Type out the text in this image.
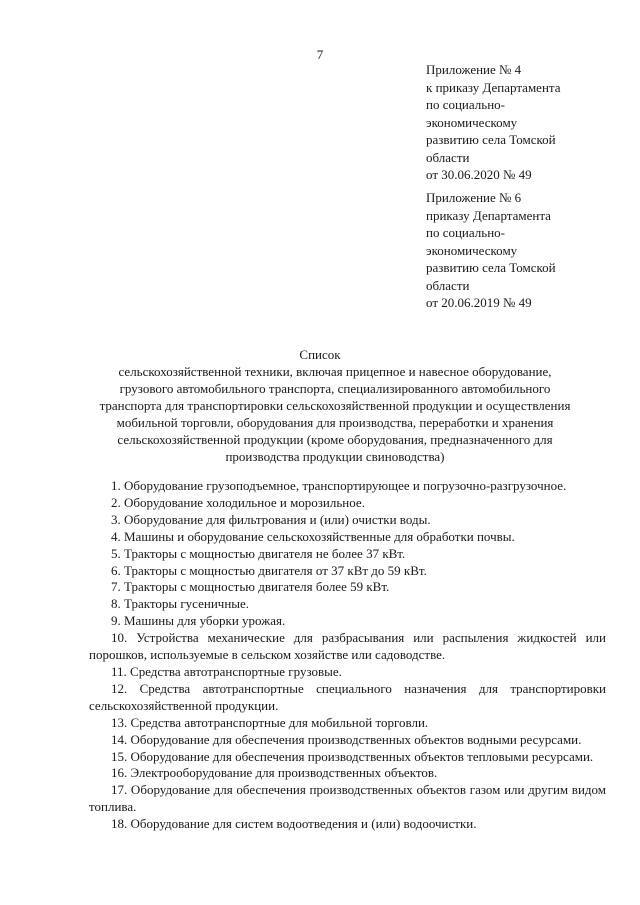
7
Приложение № 4
к приказу Департамента
по социально-
экономическому
развитию села Томской
области
от 30.06.2020 № 49
Приложение № 6
приказу Департамента
по социально-
экономическому
развитию села Томской
области
от 20.06.2019 № 49
Список
сельскохозяйственной техники, включая прицепное и навесное оборудование, грузового автомобильного транспорта, специализированного автомобильного транспорта для транспортировки сельскохозяйственной продукции и осуществления мобильной торговли, оборудования для производства, переработки и хранения сельскохозяйственной продукции (кроме оборудования, предназначенного для производства продукции свиноводства)

1. Оборудование грузоподъемное, транспортирующее и погрузочно-разгрузочное.

2. Оборудование холодильное и морозильное.

3. Оборудование для фильтрования и (или) очистки воды.

4. Машины и оборудование сельскохозяйственные для обработки почвы.

5. Тракторы с мощностью двигателя не более 37 кВт.

6. Тракторы с мощностью двигателя от 37 кВт до 59 кВт.

7. Тракторы с мощностью двигателя более 59 кВт.

8. Тракторы гусеничные.

9. Машины для уборки урожая.

10. Устройства механические для разбрасывания или распыления жидкостей или порошков, используемые в сельском хозяйстве или садоводстве.

11. Средства автотранспортные грузовые.

12. Средства автотранспортные специального назначения для транспортировки сельскохозяйственной продукции.

13. Средства автотранспортные для мобильной торговли.

14. Оборудование для обеспечения производственных объектов водными ресурсами.

15. Оборудование для обеспечения производственных объектов тепловыми ресурсами.

16. Электрооборудование для производственных объектов.

17. Оборудование для обеспечения производственных объектов газом или другим видом топлива.

18. Оборудование для систем водоотведения и (или) водоочистки.
